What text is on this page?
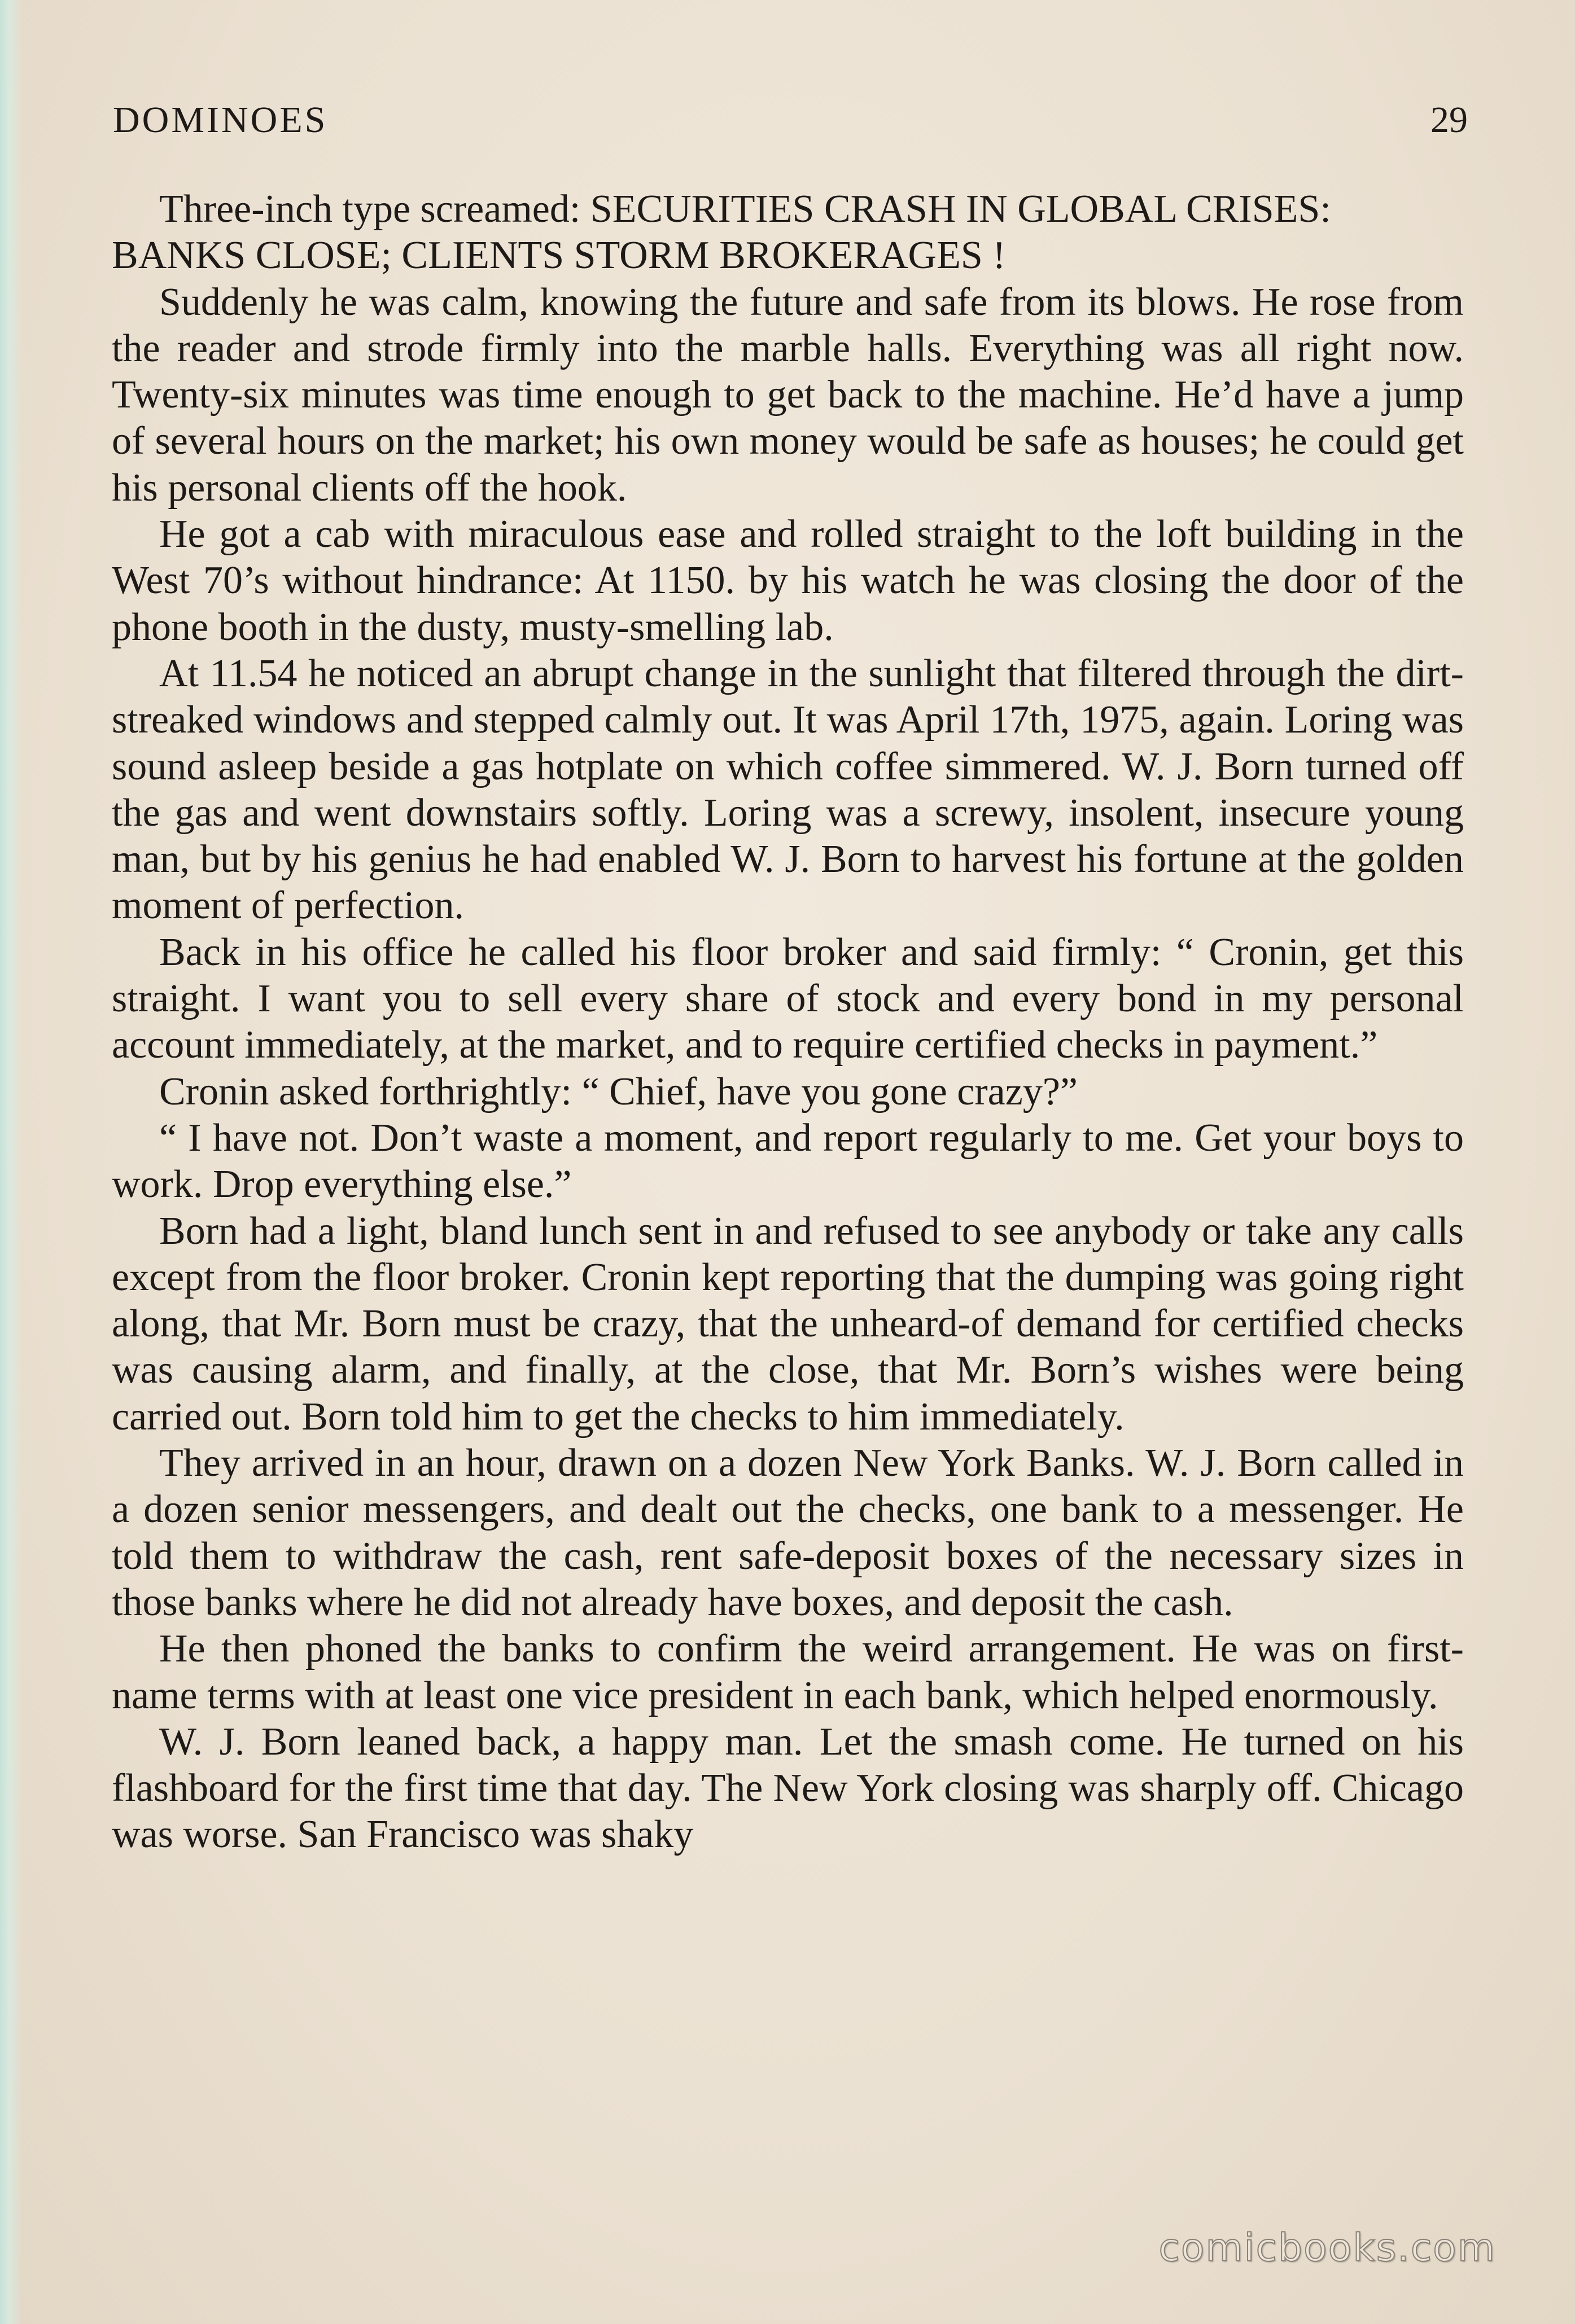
DOMINOES	29

Three-inch type screamed: SECURITIES CRASH IN GLOBAL CRISES: BANKS CLOSE; CLIENTS STORM BROKERAGES !

Suddenly he was calm, knowing the future and safe from its blows. He rose from the reader and strode firmly into the marble halls. Everything was all right now. Twenty-six minutes was time enough to get back to the machine. He’d have a jump of several hours on the market; his own money would be safe as houses; he could get his personal clients off the hook.

He got a cab with miraculous ease and rolled straight to the loft building in the West 70’s without hindrance: At 1150. by his watch he was closing the door of the phone booth in the dusty, musty-smelling lab.

At 11.54 he noticed an abrupt change in the sunlight that filtered through the dirt-streaked windows and stepped calmly out. It was April 17th, 1975, again. Loring was sound asleep beside a gas hotplate on which coffee simmered. W. J. Born turned off the gas and went downstairs softly. Loring was a screwy, insolent, insecure young man, but by his genius he had enabled W. J. Born to harvest his fortune at the golden moment of perfection.

Back in his office he called his floor broker and said firmly: “ Cronin, get this straight. I want you to sell every share of stock and every bond in my personal account immediately, at the market, and to require certified checks in payment.”

Cronin asked forthrightly: “ Chief, have you gone crazy?”

“ I have not. Don’t waste a moment, and report regularly to me. Get your boys to work. Drop everything else.”

Born had a light, bland lunch sent in and refused to see anybody or take any calls except from the floor broker. Cronin kept reporting that the dumping was going right along, that Mr. Born must be crazy, that the unheard-of demand for certified checks was causing alarm, and finally, at the close, that Mr. Born’s wishes were being carried out. Born told him to get the checks to him immediately.

They arrived in an hour, drawn on a dozen New York Banks. W. J. Born called in a dozen senior messengers, and dealt out the checks, one bank to a messenger. He told them to withdraw the cash, rent safe-deposit boxes of the necessary sizes in those banks where he did not already have boxes, and deposit the cash.

He then phoned the banks to confirm the weird arrangement. He was on first-name terms with at least one vice president in each bank, which helped enormously.

W. J. Born leaned back, a happy man. Let the smash come. He turned on his flashboard for the first time that day. The New York closing was sharply off. Chicago was worse. San Francisco was shaky

comicbooks.com
